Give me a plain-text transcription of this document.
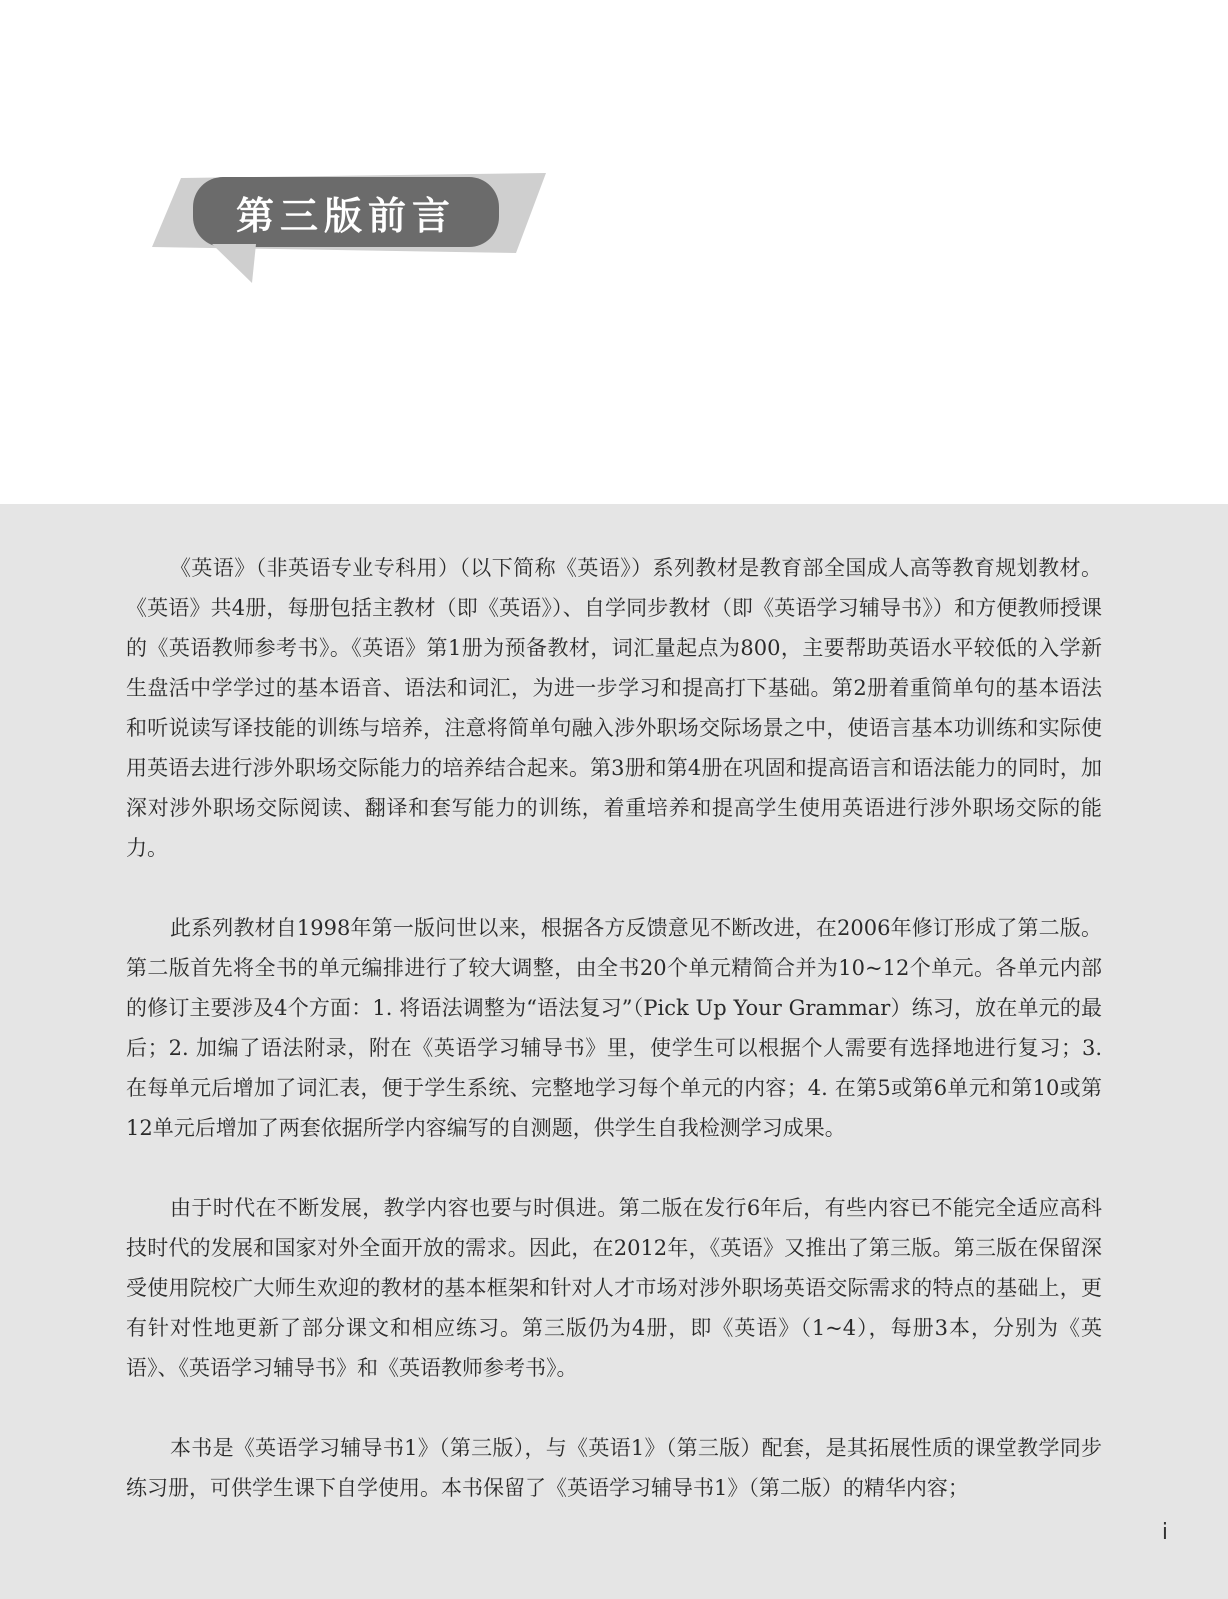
第三版前言

《英语》（非英语专业专科用）（以下简称《英语》）系列教材是教育部全国成人高等教育规划教材。《英语》共4册，每册包括主教材（即《英语》）、自学同步教材（即《英语学习辅导书》）和方便教师授课的《英语教师参考书》。《英语》第1册为预备教材，词汇量起点为800，主要帮助英语水平较低的入学新生盘活中学学过的基本语音、语法和词汇，为进一步学习和提高打下基础。第2册着重简单句的基本语法和听说读写译技能的训练与培养，注意将简单句融入涉外职场交际场景之中，使语言基本功训练和实际使用英语去进行涉外职场交际能力的培养结合起来。第3册和第4册在巩固和提高语言和语法能力的同时，加深对涉外职场交际阅读、翻译和套写能力的训练，着重培养和提高学生使用英语进行涉外职场交际的能力。

此系列教材自1998年第一版问世以来，根据各方反馈意见不断改进，在2006年修订形成了第二版。第二版首先将全书的单元编排进行了较大调整，由全书20个单元精简合并为10~12个单元。各单元内部的修订主要涉及4个方面：1. 将语法调整为“语法复习”（Pick Up Your Grammar）练习，放在单元的最后；2. 加编了语法附录，附在《英语学习辅导书》里，使学生可以根据个人需要有选择地进行复习；3. 在每单元后增加了词汇表，便于学生系统、完整地学习每个单元的内容；4. 在第5或第6单元和第10或第12单元后增加了两套依据所学内容编写的自测题，供学生自我检测学习成果。

由于时代在不断发展，教学内容也要与时俱进。第二版在发行6年后，有些内容已不能完全适应高科技时代的发展和国家对外全面开放的需求。因此，在2012年，《英语》又推出了第三版。第三版在保留深受使用院校广大师生欢迎的教材的基本框架和针对人才市场对涉外职场英语交际需求的特点的基础上，更有针对性地更新了部分课文和相应练习。第三版仍为4册，即《英语》（1~4），每册3本，分别为《英语》、《英语学习辅导书》和《英语教师参考书》。

本书是《英语学习辅导书1》（第三版），与《英语1》（第三版）配套，是其拓展性质的课堂教学同步练习册，可供学生课下自学使用。本书保留了《英语学习辅导书1》（第二版）的精华内容；

i
